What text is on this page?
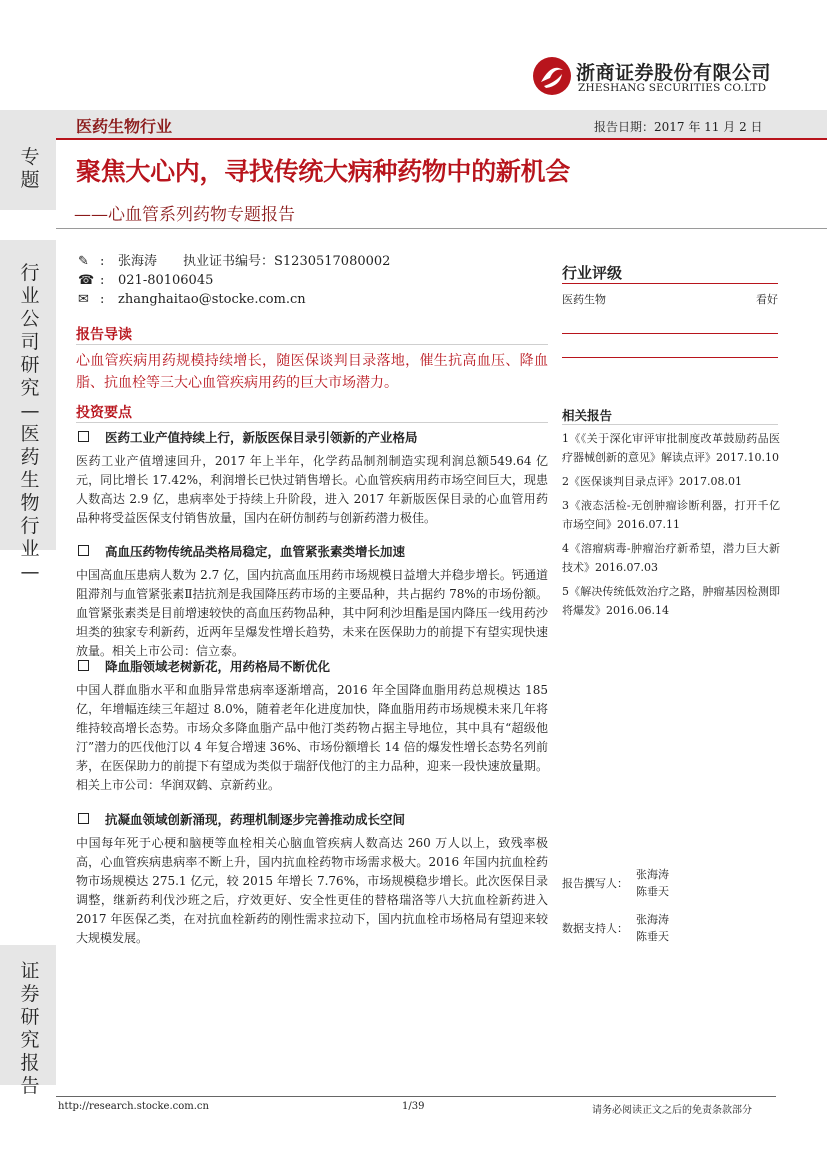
浙商证券股份有限公司
ZHESHANG SECURITIES CO.LTD
医药生物行业	报告日期：2017 年 11 月 2 日
专题
行业公司研究—医药生物行业—
证券研究报告
聚焦大心内，寻找传统大病种药物中的新机会
——心血管系列药物专题报告
✎ :	张海涛　　执业证书编号：S1230517080002
☎ :	021-80106045
✉ :	zhanghaitao@stocke.com.cn
报告导读
心血管疾病用药规模持续增长，随医保谈判目录落地，催生抗高血压、降血脂、抗血栓等三大心血管疾病用药的巨大市场潜力。
投资要点
医药工业产值持续上行，新版医保目录引领新的产业格局
医药工业产值增速回升，2017 年上半年，化学药品制剂制造实现利润总额549.64 亿元，同比增长 17.42%，利润增长已快过销售增长。心血管疾病用药市场空间巨大，现患人数高达 2.9 亿，患病率处于持续上升阶段，进入 2017 年新版医保目录的心血管用药品种将受益医保支付销售放量，国内在研仿制药与创新药潜力极佳。
高血压药物传统品类格局稳定，血管紧张素类增长加速
中国高血压患病人数为 2.7 亿，国内抗高血压用药市场规模日益增大并稳步增长。钙通道阻滞剂与血管紧张素Ⅱ拮抗剂是我国降压药市场的主要品种，共占据约 78%的市场份额。血管紧张素类是目前增速较快的高血压药物品种，其中阿利沙坦酯是国内降压一线用药沙坦类的独家专利新药，近两年呈爆发性增长趋势，未来在医保助力的前提下有望实现快速放量。相关上市公司：信立泰。
降血脂领域老树新花，用药格局不断优化
中国人群血脂水平和血脂异常患病率逐渐增高，2016 年全国降血脂用药总规模达 185 亿，年增幅连续三年超过 8.0%，随着老年化进度加快，降血脂用药市场规模未来几年将维持较高增长态势。市场众多降血脂产品中他汀类药物占据主导地位，其中具有“超级他汀”潜力的匹伐他汀以 4 年复合增速 36%、市场份额增长 14 倍的爆发性增长态势名列前茅，在医保助力的前提下有望成为类似于瑞舒伐他汀的主力品种，迎来一段快速放量期。相关上市公司：华润双鹤、京新药业。
抗凝血领域创新涌现，药理机制逐步完善推动成长空间
中国每年死于心梗和脑梗等血栓相关心脑血管疾病人数高达 260 万人以上，致残率极高，心血管疾病患病率不断上升，国内抗血栓药物市场需求极大。2016 年国内抗血栓药物市场规模达 275.1 亿元，较 2015 年增长 7.76%，市场规模稳步增长。此次医保目录调整，继新药利伐沙班之后，疗效更好、安全性更佳的替格瑞洛等八大抗血栓新药进入 2017 年医保乙类，在对抗血栓新药的刚性需求拉动下，国内抗血栓市场格局有望迎来较大规模发展。
行业评级
医药生物	看好
相关报告
1《《关于深化审评审批制度改革鼓励药品医疗器械创新的意见》解读点评》2017.10.10
2《医保谈判目录点评》2017.08.01
3《液态活检-无创肿瘤诊断利器，打开千亿市场空间》2016.07.11
4《溶瘤病毒-肿瘤治疗新希望，潜力巨大新技术》2016.07.03
5《解决传统低效治疗之路，肿瘤基因检测即将爆发》2016.06.14
报告撰写人：
张海涛
陈垂天
数据支持人：
张海涛
陈垂天
http://research.stocke.com.cn	1/39	请务必阅读正文之后的免责条款部分
